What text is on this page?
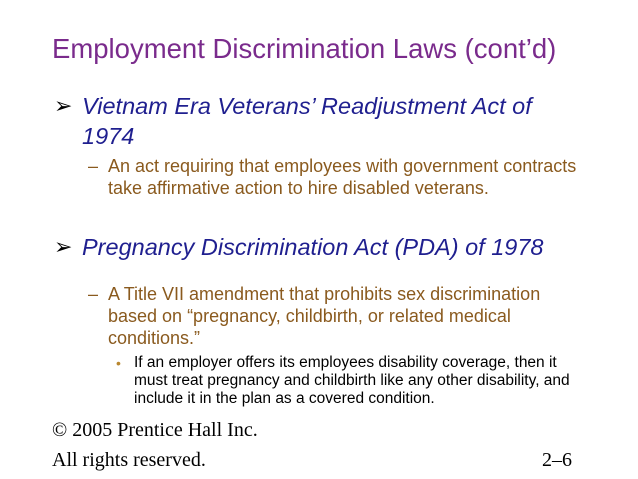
Employment Discrimination Laws (cont’d)
➢ Vietnam Era Veterans’ Readjustment Act of 1974
– An act requiring that employees with government contracts take affirmative action to hire disabled veterans.
➢ Pregnancy Discrimination Act (PDA) of 1978
– A Title VII amendment that prohibits sex discrimination based on “pregnancy, childbirth, or related medical conditions.”
• If an employer offers its employees disability coverage, then it must treat pregnancy and childbirth like any other disability, and include it in the plan as a covered condition.
© 2005 Prentice Hall Inc.
All rights reserved.	2–6
